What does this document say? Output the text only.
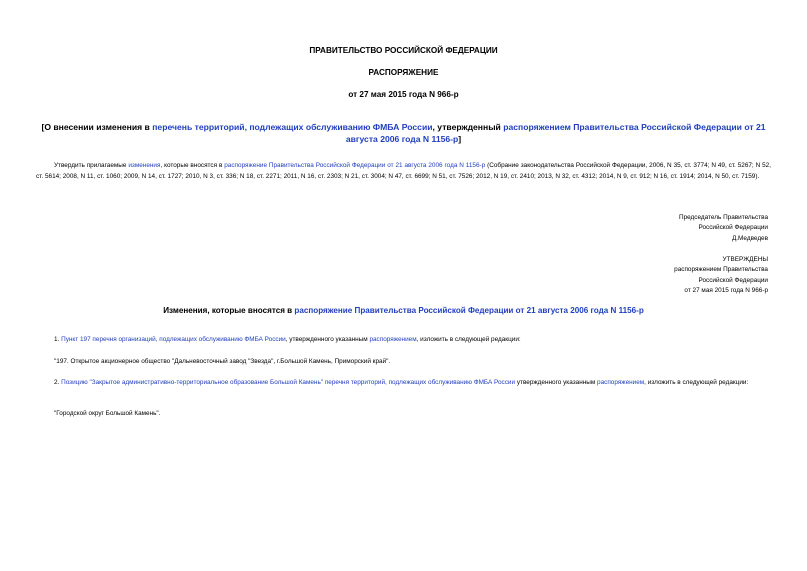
ПРАВИТЕЛЬСТВО РОССИЙСКОЙ ФЕДЕРАЦИИ
РАСПОРЯЖЕНИЕ
от 27 мая 2015 года N 966-р
[О внесении изменения в перечень территорий, подлежащих обслуживанию ФМБА России, утвержденный распоряжением Правительства Российской Федерации от 21 августа 2006 года N 1156-р]
Утвердить прилагаемые изменения, которые вносятся в распоряжение Правительства Российской Федерации от 21 августа 2006 года N 1156-р (Собрание законодательства Российской Федерации, 2006, N 35, ст. 3774; N 49, ст. 5267; N 52, ст. 5614; 2008, N 11, ст. 1060; 2009, N 14, ст. 1727; 2010, N 3, ст. 336; N 18, ст. 2271; 2011, N 16, ст. 2303; N 21, ст. 3004; N 47, ст. 6699; N 51, ст. 7526; 2012, N 19, ст. 2410; 2013, N 32, ст. 4312; 2014, N 9, ст. 912; N 16, ст. 1914; 2014, N 50, ст. 7159).
Председатель Правительства
Российской Федерации
Д.Медведев
УТВЕРЖДЕНЫ
распоряжением Правительства
Российской Федерации
от 27 мая 2015 года N 966-р
Изменения, которые вносятся в распоряжение Правительства Российской Федерации от 21 августа 2006 года N 1156-р
1. Пункт 197 перечня организаций, подлежащих обслуживанию ФМБА России, утвержденного указанным распоряжением, изложить в следующей редакции:
"197. Открытое акционерное общество "Дальневосточный завод "Звезда", г.Большой Камень, Приморский край".
2. Позицию "Закрытое административно-территориальное образование Большой Камень" перечня территорий, подлежащих обслуживанию ФМБА России утвержденного указанным распоряжением, изложить в следующей редакции:
"Городской округ Большой Камень".
